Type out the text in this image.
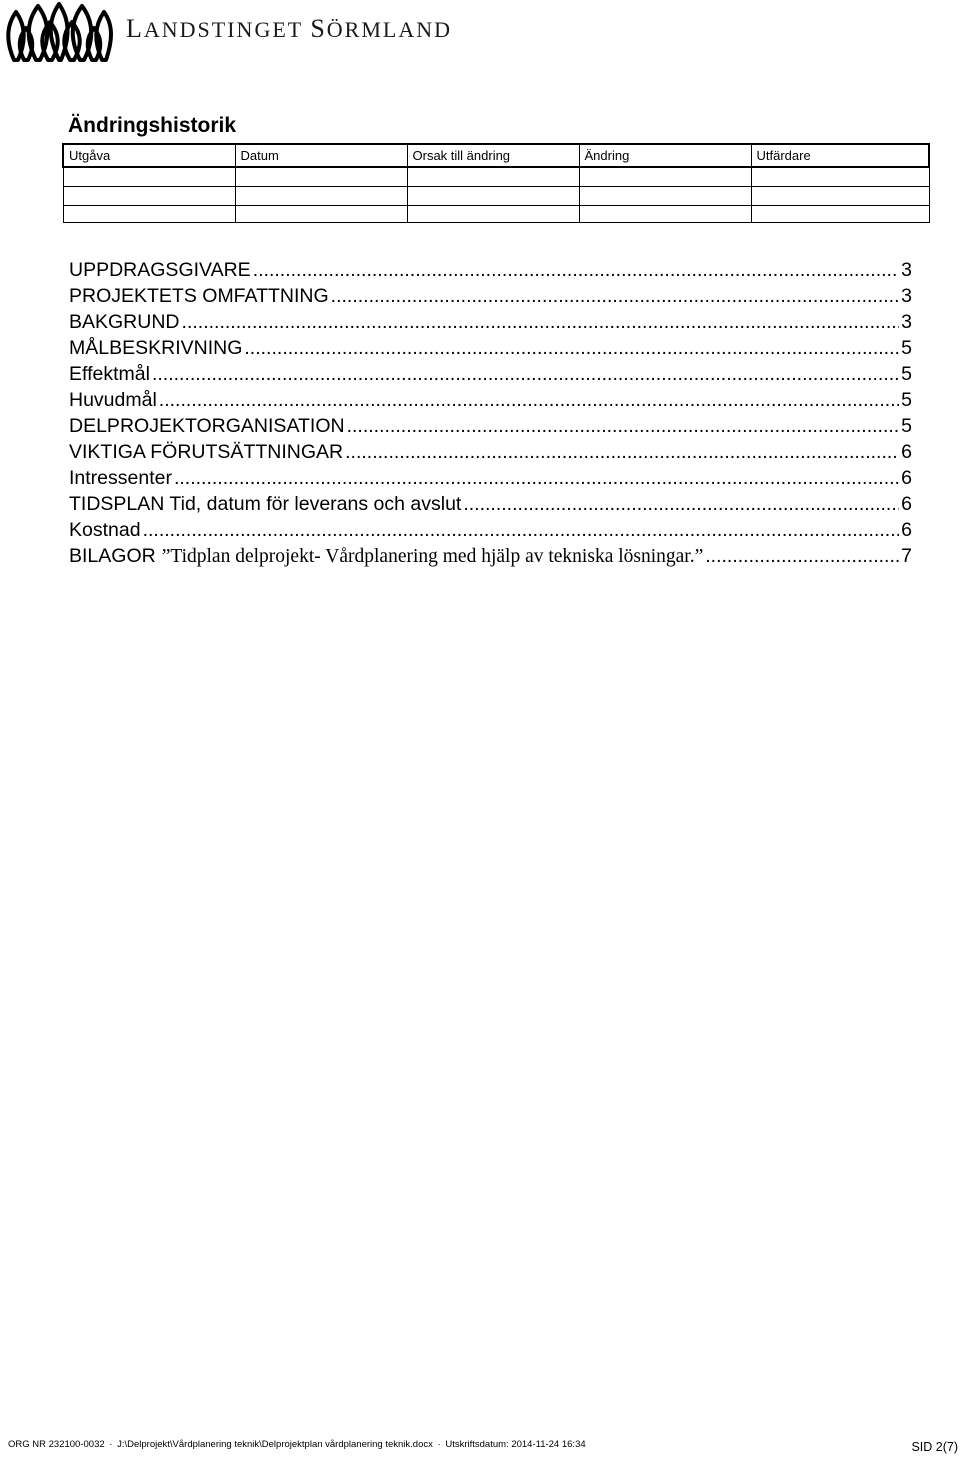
LANDSTINGET SÖRMLAND
Ändringshistorik
Utgåva	Datum	Orsak till ändring	Ändring	Utfärdare

UPPDRAGSGIVARE .....	3
PROJEKTETS OMFATTNING .....	3
BAKGRUND .....	3
MÅLBESKRIVNING .....	5
Effektmål .....	5
Huvudmål .....	5
DELPROJEKTORGANISATION .....	5
VIKTIGA FÖRUTSÄTTNINGAR .....	6
Intressenter .....	6
TIDSPLAN Tid, datum för leverans och avslut .....	6
Kostnad .....	6
BILAGOR ”Tidplan delprojekt- Vårdplanering med hjälp av tekniska lösningar.” .....	7
ORG NR 232100-0032 · J:\Delprojekt\Vårdplanering teknik\Delprojektplan vårdplanering teknik.docx · Utskriftsdatum: 2014-11-24 16:34	SID 2(7)
